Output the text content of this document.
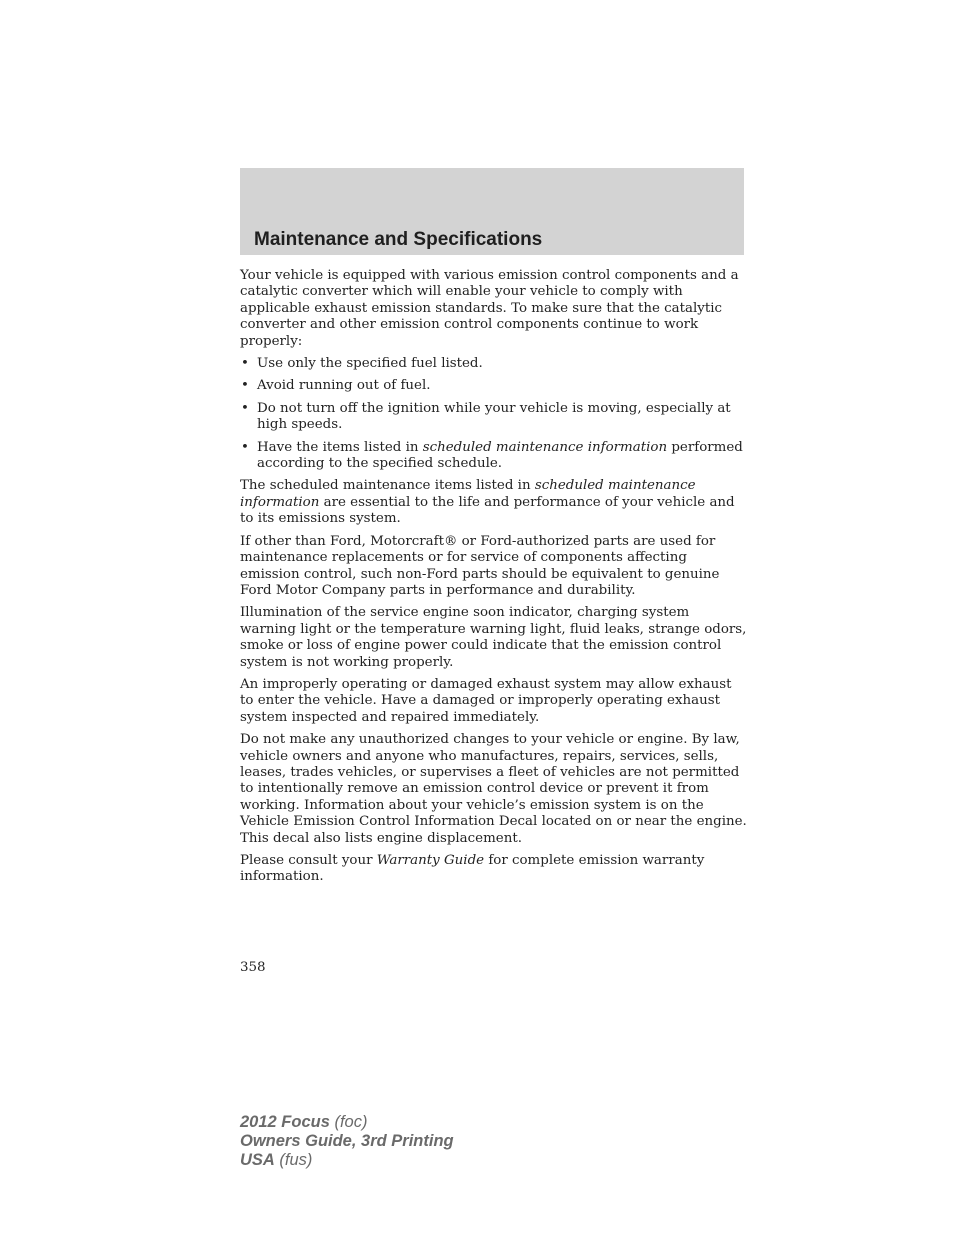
Maintenance and Specifications

Your vehicle is equipped with various emission control components and a catalytic converter which will enable your vehicle to comply with applicable exhaust emission standards. To make sure that the catalytic converter and other emission control components continue to work properly:

• Use only the specified fuel listed.
• Avoid running out of fuel.
• Do not turn off the ignition while your vehicle is moving, especially at high speeds.
• Have the items listed in scheduled maintenance information performed according to the specified schedule.

The scheduled maintenance items listed in scheduled maintenance information are essential to the life and performance of your vehicle and to its emissions system.

If other than Ford, Motorcraft® or Ford-authorized parts are used for maintenance replacements or for service of components affecting emission control, such non-Ford parts should be equivalent to genuine Ford Motor Company parts in performance and durability.

Illumination of the service engine soon indicator, charging system warning light or the temperature warning light, fluid leaks, strange odors, smoke or loss of engine power could indicate that the emission control system is not working properly.

An improperly operating or damaged exhaust system may allow exhaust to enter the vehicle. Have a damaged or improperly operating exhaust system inspected and repaired immediately.

Do not make any unauthorized changes to your vehicle or engine. By law, vehicle owners and anyone who manufactures, repairs, services, sells, leases, trades vehicles, or supervises a fleet of vehicles are not permitted to intentionally remove an emission control device or prevent it from working. Information about your vehicle’s emission system is on the Vehicle Emission Control Information Decal located on or near the engine. This decal also lists engine displacement.

Please consult your Warranty Guide for complete emission warranty information.

358
2012 Focus (foc)
Owners Guide, 3rd Printing
USA (fus)
